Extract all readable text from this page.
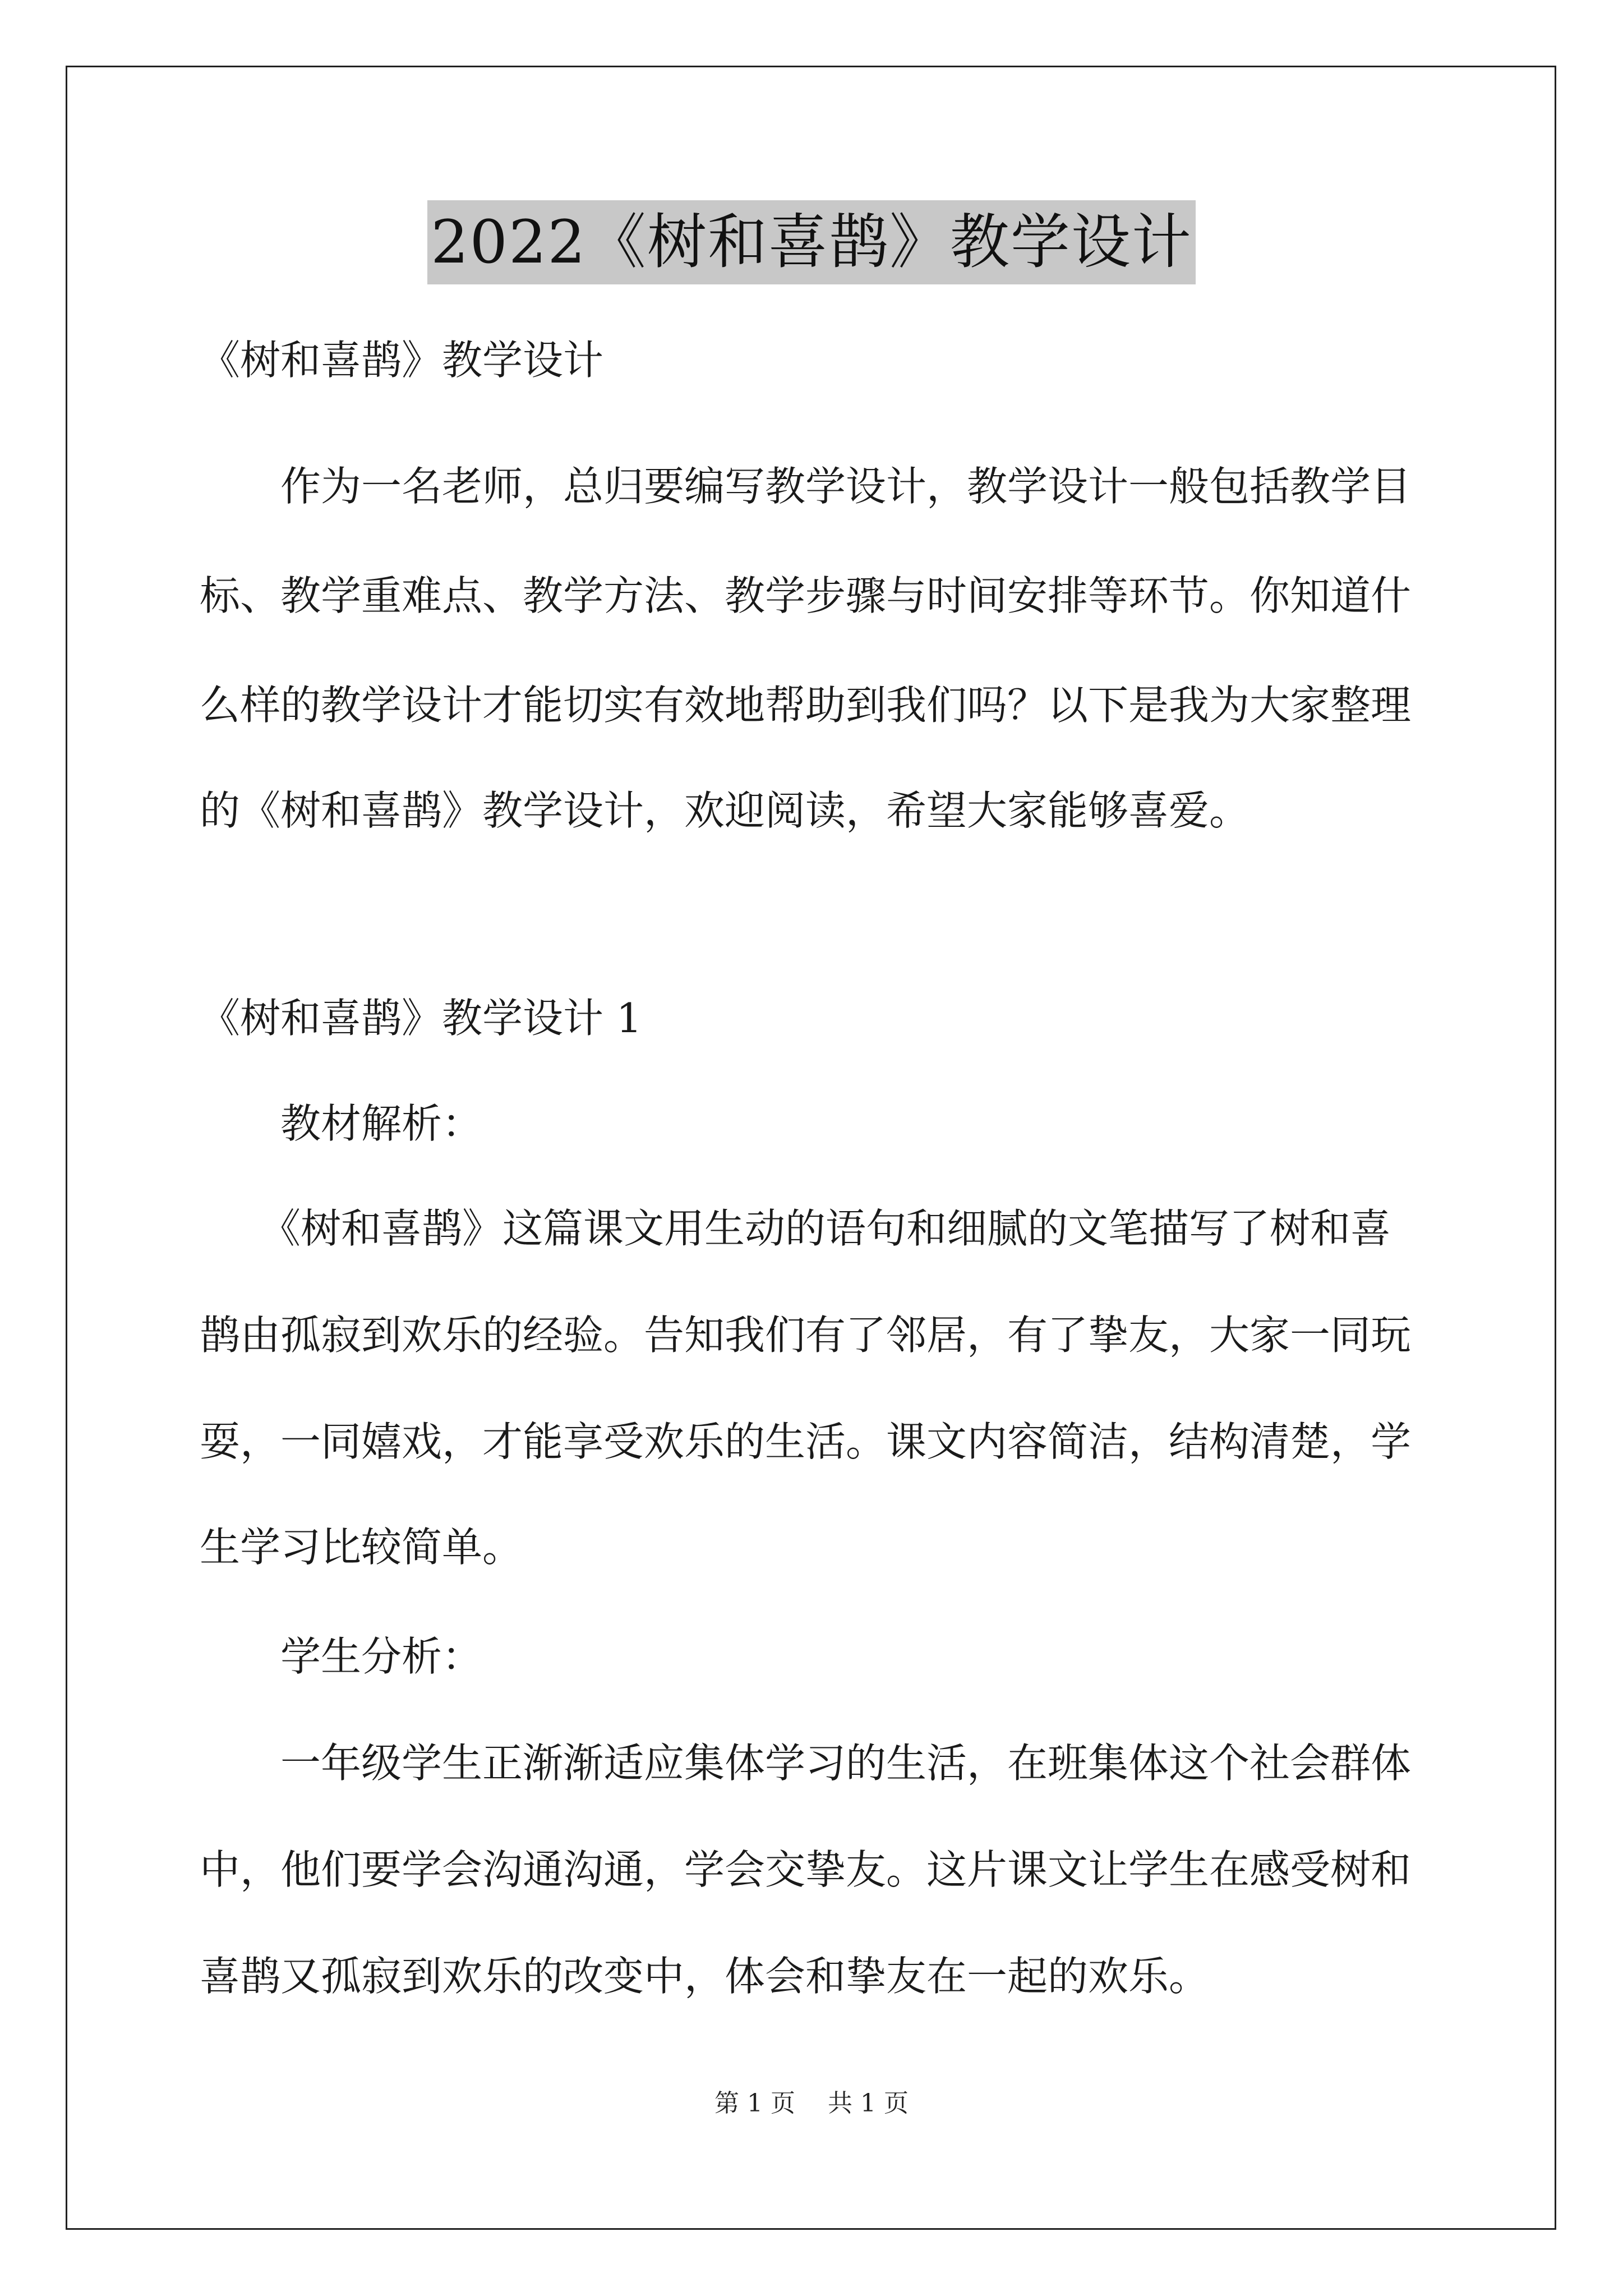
2022《树和喜鹊》教学设计
《树和喜鹊》教学设计
　　作为一名老师，总归要编写教学设计，教学设计一般包括教学目
标、教学重难点、教学方法、教学步骤与时间安排等环节。你知道什
么样的教学设计才能切实有效地帮助到我们吗？以下是我为大家整理
的《树和喜鹊》教学设计，欢迎阅读，希望大家能够喜爱。
《树和喜鹊》教学设计 1
　　教材解析：
　　《树和喜鹊》这篇课文用生动的语句和细腻的文笔描写了树和喜
鹊由孤寂到欢乐的经验。告知我们有了邻居，有了挚友，大家一同玩
耍，一同嬉戏，才能享受欢乐的生活。课文内容简洁，结构清楚，学
生学习比较简单。
　　学生分析：
　　一年级学生正渐渐适应集体学习的生活，在班集体这个社会群体
中，他们要学会沟通沟通，学会交挚友。这片课文让学生在感受树和
喜鹊又孤寂到欢乐的改变中，体会和挚友在一起的欢乐。
第 1 页 共 1 页
